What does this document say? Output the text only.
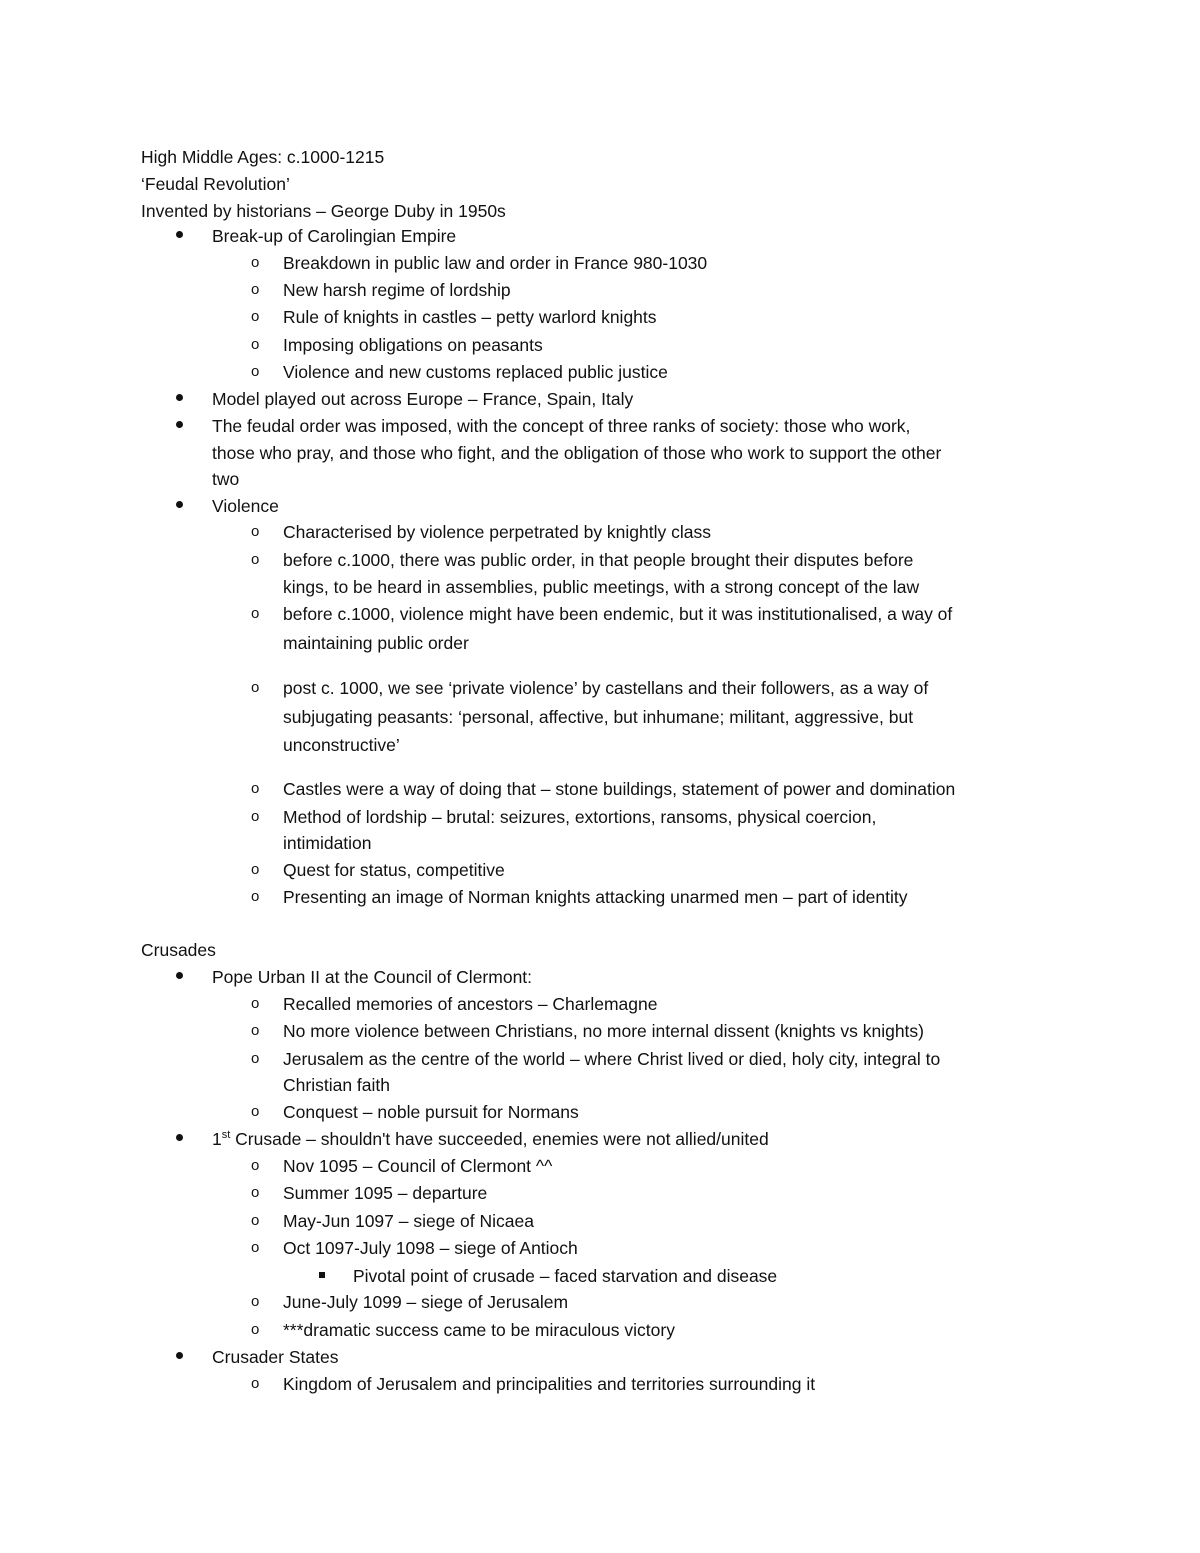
High Middle Ages: c.1000-1215
‘Feudal Revolution’
Invented by historians – George Duby in 1950s
Break-up of Carolingian Empire
o Breakdown in public law and order in France 980-1030
o New harsh regime of lordship
o Rule of knights in castles – petty warlord knights
o Imposing obligations on peasants
o Violence and new customs replaced public justice
Model played out across Europe – France, Spain, Italy
The feudal order was imposed, with the concept of three ranks of society: those who work,
those who pray, and those who fight, and the obligation of those who work to support the other
two
Violence
o Characterised by violence perpetrated by knightly class
o before c.1000, there was public order, in that people brought their disputes before
kings, to be heard in assemblies, public meetings, with a strong concept of the law
o before c.1000, violence might have been endemic, but it was institutionalised, a way of
maintaining public order
o post c. 1000, we see ‘private violence’ by castellans and their followers, as a way of
subjugating peasants: ‘personal, affective, but inhumane; militant, aggressive, but
unconstructive’
o Castles were a way of doing that – stone buildings, statement of power and domination
o Method of lordship – brutal: seizures, extortions, ransoms, physical coercion,
intimidation
o Quest for status, competitive
o Presenting an image of Norman knights attacking unarmed men – part of identity
Crusades
Pope Urban II at the Council of Clermont:
o Recalled memories of ancestors – Charlemagne
o No more violence between Christians, no more internal dissent (knights vs knights)
o Jerusalem as the centre of the world – where Christ lived or died, holy city, integral to
Christian faith
o Conquest – noble pursuit for Normans
1st Crusade – shouldn't have succeeded, enemies were not allied/united
o Nov 1095 – Council of Clermont ^^
o Summer 1095 – departure
o May-Jun 1097 – siege of Nicaea
o Oct 1097-July 1098 – siege of Antioch
Pivotal point of crusade – faced starvation and disease
o June-July 1099 – siege of Jerusalem
o ***dramatic success came to be miraculous victory
Crusader States
o Kingdom of Jerusalem and principalities and territories surrounding it
